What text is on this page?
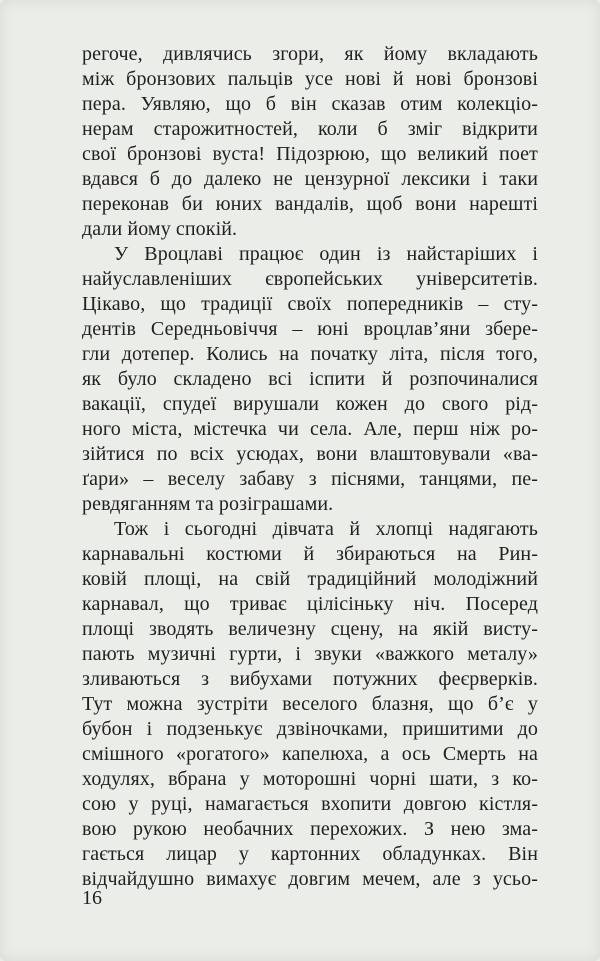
регоче, дивлячись згори, як йому вкладають
між бронзових пальців усе нові й нові бронзові
пера. Уявляю, що б він сказав отим колекціо-
нерам старожитностей, коли б зміг відкрити
свої бронзові вуста! Підозрюю, що великий поет
вдався б до далеко не цензурної лексики і таки
переконав би юних вандалів, щоб вони нарешті
дали йому спокій.
У Вроцлаві працює один із найстаріших і
найуславленіших європейських університетів.
Цікаво, що традиції своїх попередників – сту-
дентів Середньовіччя – юні вроцлав’яни збере-
гли дотепер. Колись на початку літа, після того,
як було складено всі іспити й розпочиналися
вакації, спудеї вирушали кожен до свого рід-
ного міста, містечка чи села. Але, перш ніж ро-
зійтися по всіх усюдах, вони влаштовували «ва-
ґари» – веселу забаву з піснями, танцями, пе-
ревдяганням та розіграшами.
Тож і сьогодні дівчата й хлопці надягають
карнавальні костюми й збираються на Рин-
ковій площі, на свій традиційний молодіжний
карнавал, що триває цілісіньку ніч. Посеред
площі зводять величезну сцену, на якій висту-
пають музичні гурти, і звуки «важкого металу»
зливаються з вибухами потужних феєрверків.
Тут можна зустріти веселого блазня, що б’є у
бубон і подзенькує дзвіночками, пришитими до
смішного «рогатого» капелюха, а ось Смерть на
ходулях, вбрана у моторошні чорні шати, з ко-
сою у руці, намагається вхопити довгою кістля-
вою рукою необачних перехожих. З нею зма-
гається лицар у картонних обладунках. Він
відчайдушно вимахує довгим мечем, але з усьо-
16
